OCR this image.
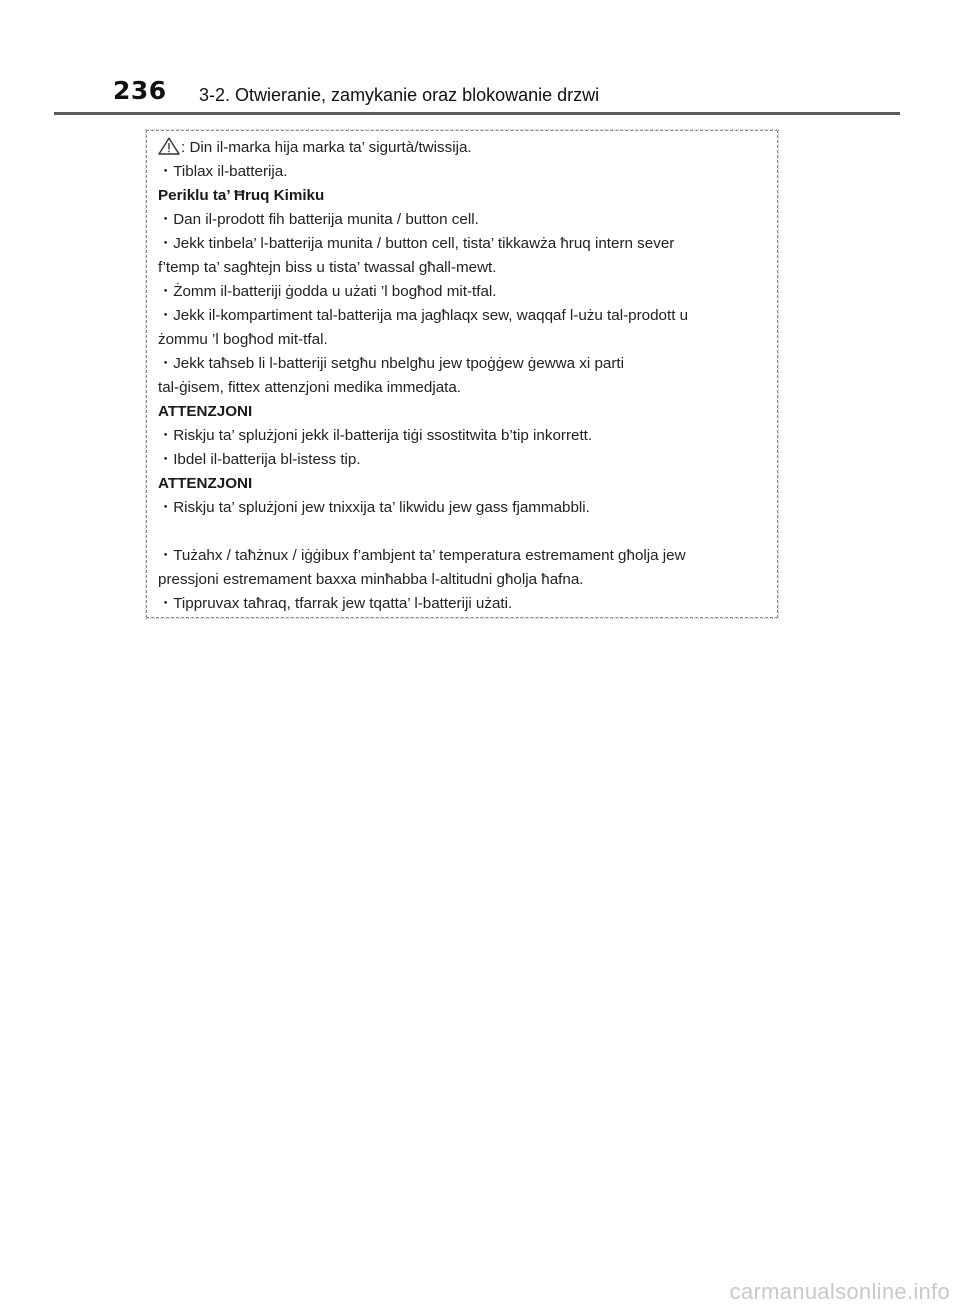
236 3-2. Otwieranie, zamykanie oraz blokowanie drzwi
: Din il-marka hija marka ta’ sigurtà/twissija.
・Tiblax il-batterija.
Periklu ta’ Ħruq Kimiku
・Dan il-prodott fih batterija munita / button cell.
・Jekk tinbela’ l-batterija munita / button cell, tista’ tikkawża ħruq intern sever
f’temp ta’ sagħtejn biss u tista’ twassal għall-mewt.
・Żomm il-batteriji ġodda u użati ’l bogħod mit-tfal.
・Jekk il-kompartiment tal-batterija ma jagħlaqx sew, waqqaf l-użu tal-prodott u
żommu ’l bogħod mit-tfal.
・Jekk taħseb li l-batteriji setgħu nbelgħu jew tpoġġew ġewwa xi parti
tal-ġisem, fittex attenzjoni medika immedjata.
ATTENZJONI
・Riskju ta’ splużjoni jekk il-batterija tiġi ssostitwita b’tip inkorrett.
・Ibdel il-batterija bl-istess tip.
ATTENZJONI
・Riskju ta’ splużjoni jew tnixxija ta’ likwidu jew gass fjammabbli.
・Tużahx / taħżnux / iġġibux f’ambjent ta’ temperatura estremament għolja jew
pressjoni estremament baxxa minħabba l-altitudni għolja ħafna.
・Tippruvax taħraq, tfarrak jew tqatta’ l-batteriji użati.
carmanualsonline.info
